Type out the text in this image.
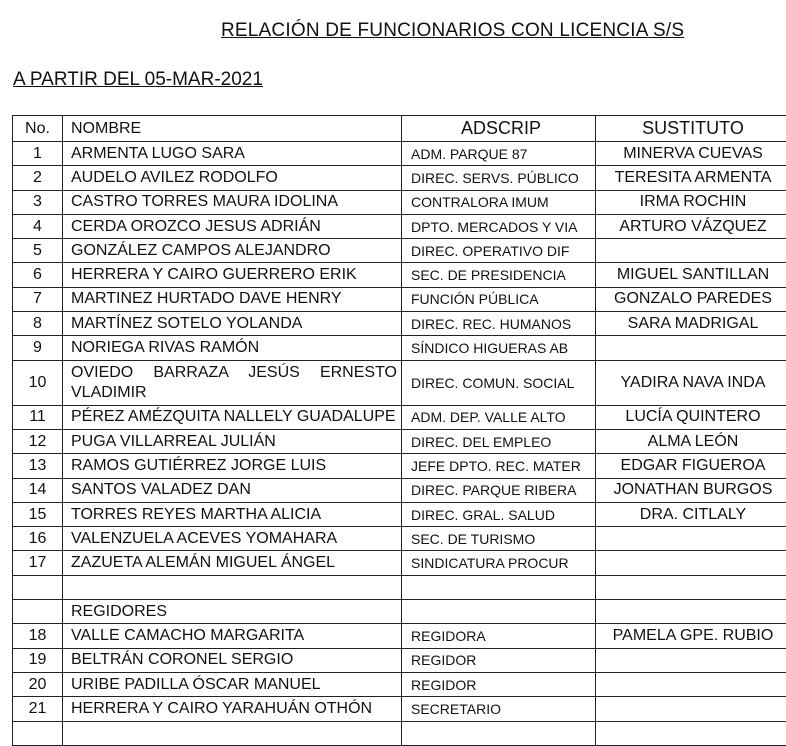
RELACIÓN DE FUNCIONARIOS CON LICENCIA S/S
A PARTIR DEL 05-MAR-2021
No.	NOMBRE	ADSCRIP	SUSTITUTO	
1	ARMENTA LUGO SARA	ADM. PARQUE 87	MINERVA CUEVAS	
2	AUDELO AVILEZ RODOLFO	DIREC. SERVS. PÚBLICO	TERESITA ARMENTA	
3	CASTRO TORRES MAURA IDOLINA	CONTRALORA IMUM	IRMA ROCHIN	
4	CERDA OROZCO JESUS ADRIÁN	DPTO. MERCADOS Y VIA	ARTURO VÁZQUEZ	
5	GONZÁLEZ CAMPOS ALEJANDRO	DIREC. OPERATIVO DIF		
6	HERRERA Y CAIRO GUERRERO ERIK	SEC. DE PRESIDENCIA	MIGUEL SANTILLAN	
7	MARTINEZ HURTADO DAVE HENRY	FUNCIÓN PÚBLICA	GONZALO PAREDES	
8	MARTÍNEZ SOTELO YOLANDA	DIREC. REC. HUMANOS	SARA MADRIGAL	
9	NORIEGA RIVAS RAMÓN	SÍNDICO HIGUERAS AB		
10	OVIEDO BARRAZA JESÚS ERNESTO VLADIMIR	DIREC. COMUN. SOCIAL	YADIRA NAVA INDA	
11	PÉREZ AMÉZQUITA NALLELY GUADALUPE	ADM. DEP. VALLE ALTO	LUCÍA QUINTERO	
12	PUGA VILLARREAL JULIÁN	DIREC. DEL EMPLEO	ALMA LEÓN	
13	RAMOS GUTIÉRREZ JORGE LUIS	JEFE DPTO. REC. MATER	EDGAR FIGUEROA	
14	SANTOS VALADEZ DAN	DIREC. PARQUE RIBERA	JONATHAN BURGOS	
15	TORRES REYES MARTHA ALICIA	DIREC. GRAL. SALUD	DRA. CITLALY	
16	VALENZUELA ACEVES YOMAHARA	SEC. DE TURISMO		
17	ZAZUETA ALEMÁN MIGUEL ÁNGEL	SINDICATURA PROCUR		

	REGIDORES			
18	VALLE CAMACHO MARGARITA	REGIDORA	PAMELA GPE. RUBIO	
19	BELTRÁN CORONEL SERGIO	REGIDOR		
20	URIBE PADILLA ÓSCAR MANUEL	REGIDOR		
21	HERRERA Y CAIRO YARAHUÁN OTHÓN	SECRETARIO		
